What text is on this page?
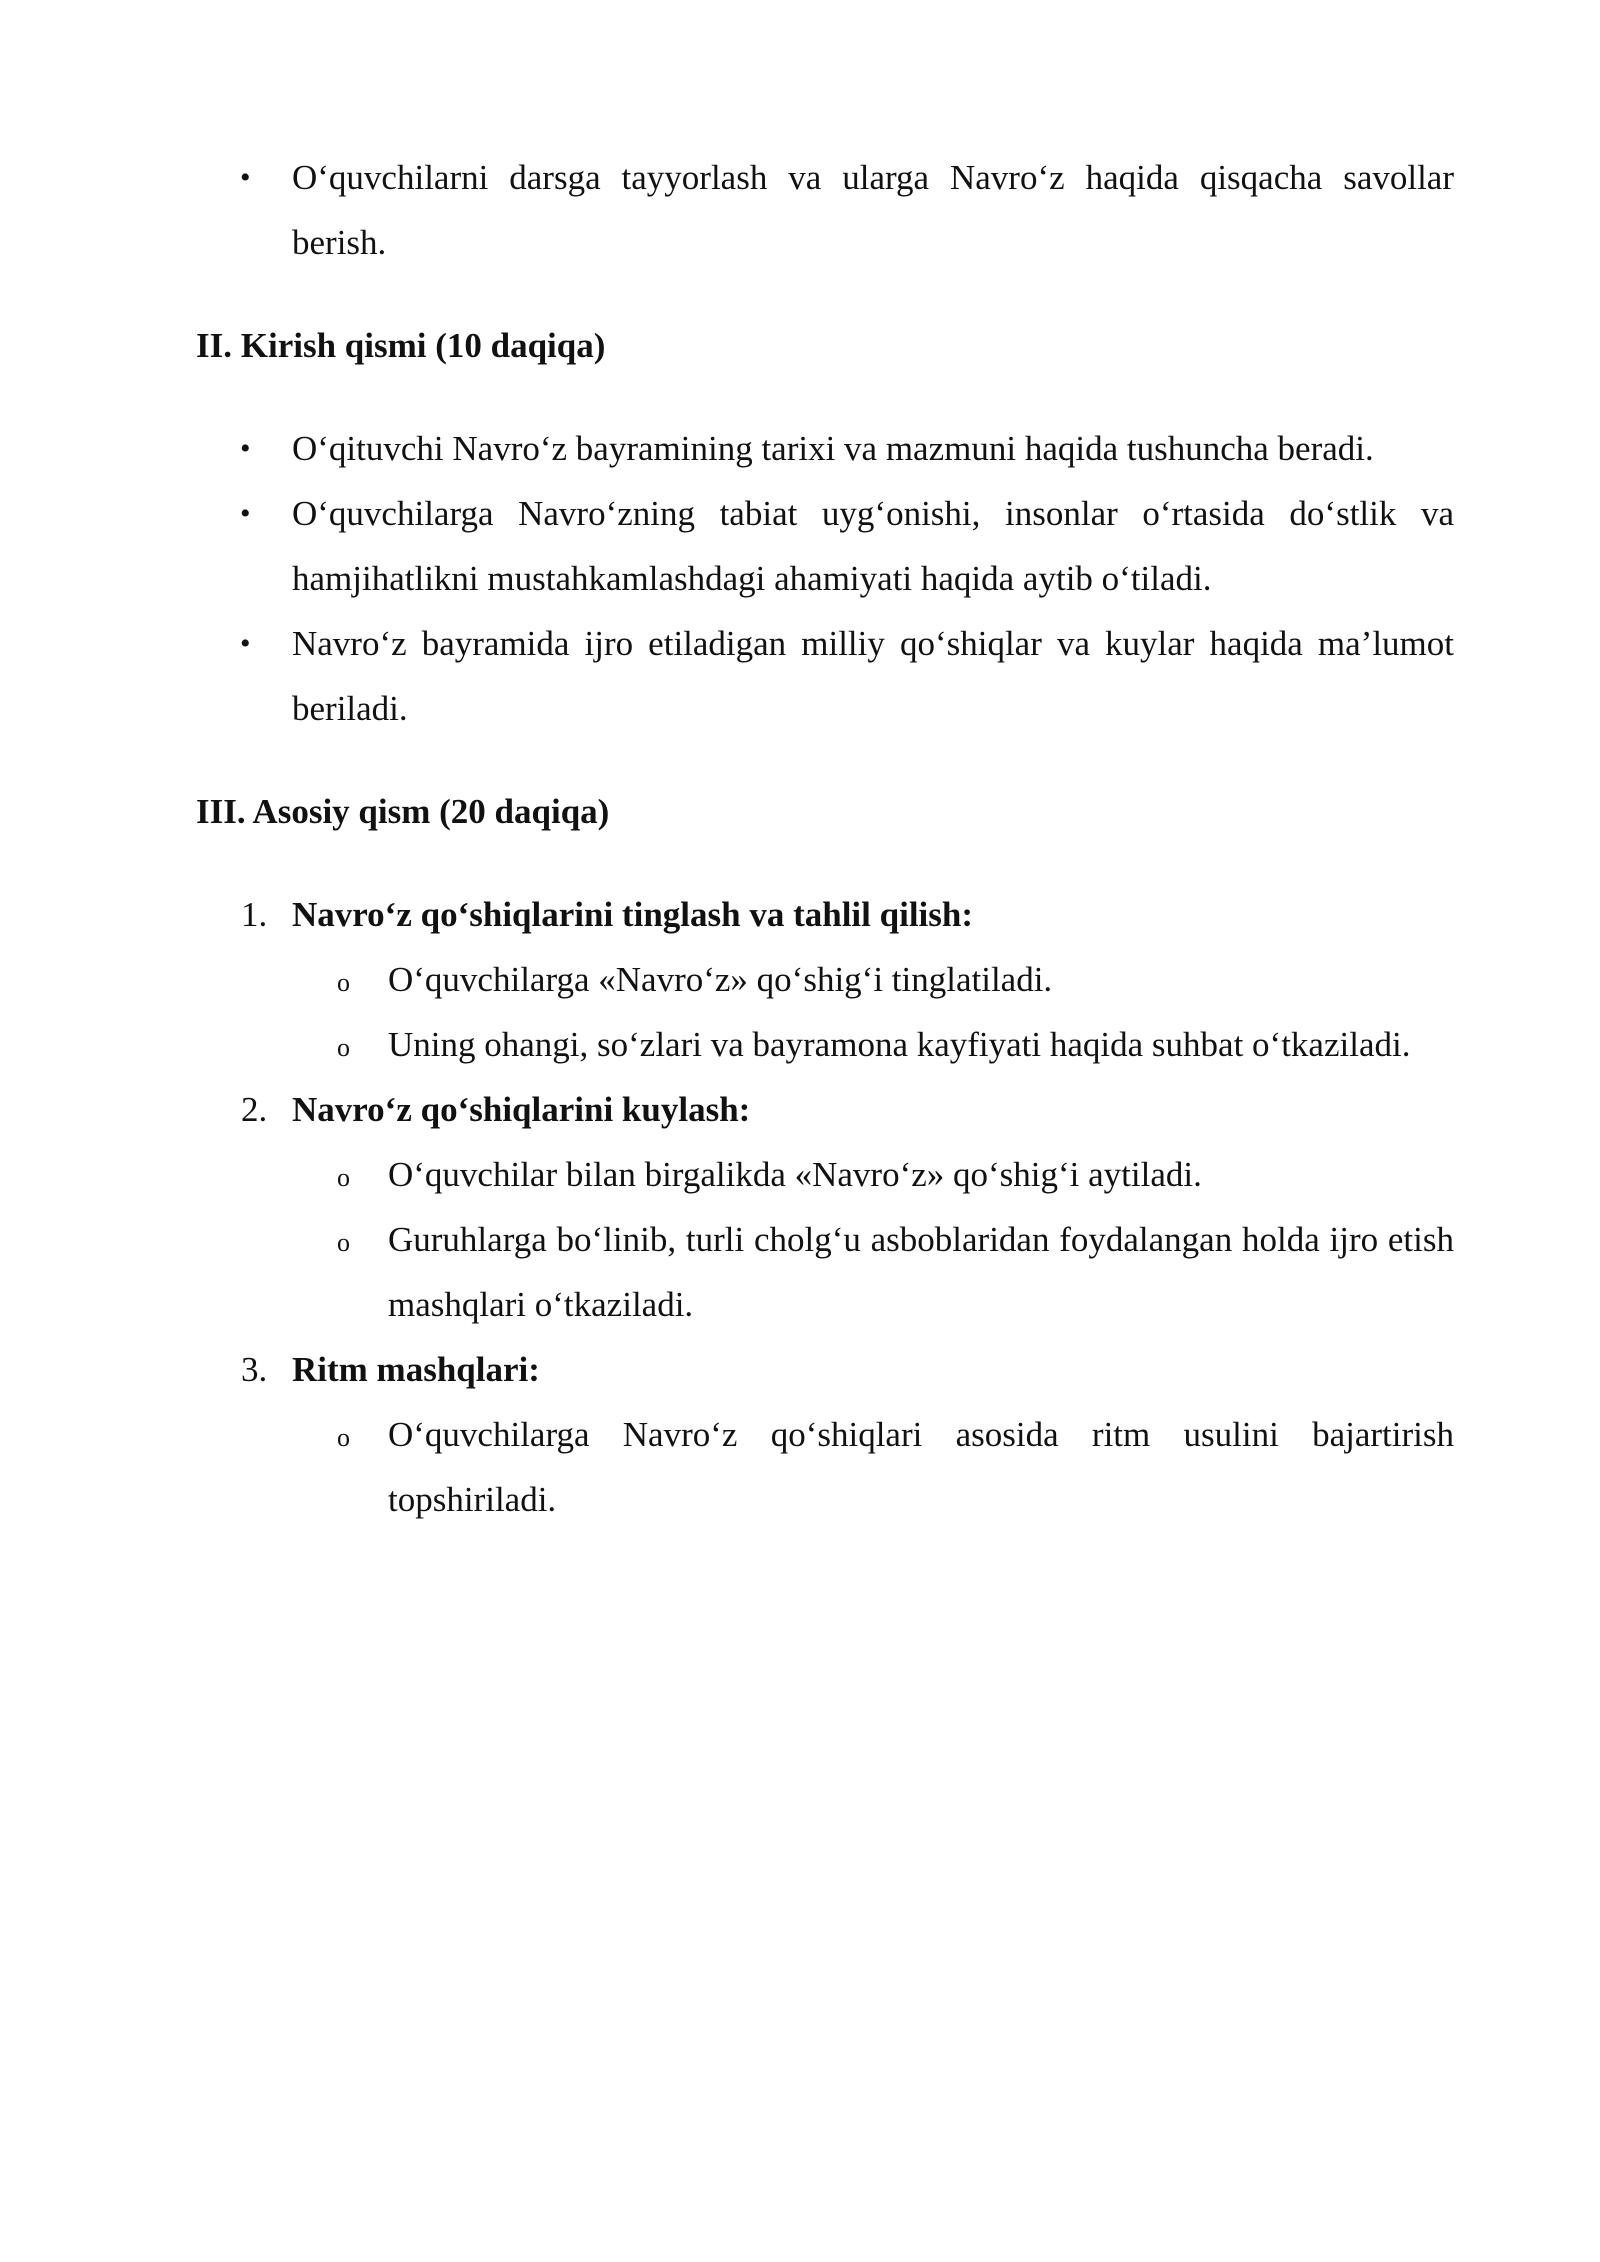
• O‘quvchilarni darsga tayyorlash va ularga Navro‘z haqida qisqacha savollar berish.
II. Kirish qismi (10 daqiqa)
• O‘qituvchi Navro‘z bayramining tarixi va mazmuni haqida tushuncha beradi.
• O‘quvchilarga Navro‘zning tabiat uyg‘onishi, insonlar o‘rtasida do‘stlik va hamjihatlikni mustahkamlashdagi ahamiyati haqida aytib o‘tiladi.
• Navro‘z bayramida ijro etiladigan milliy qo‘shiqlar va kuylar haqida ma’lumot beriladi.
III. Asosiy qism (20 daqiqa)
1. Navro‘z qo‘shiqlarini tinglash va tahlil qilish:
o O‘quvchilarga «Navro‘z» qo‘shig‘i tinglatiladi.
o Uning ohangi, so‘zlari va bayramona kayfiyati haqida suhbat o‘tkaziladi.
2. Navro‘z qo‘shiqlarini kuylash:
o O‘quvchilar bilan birgalikda «Navro‘z» qo‘shig‘i aytiladi.
o Guruhlarga bo‘linib, turli cholg‘u asboblaridan foydalangan holda ijro etish mashqlari o‘tkaziladi.
3. Ritm mashqlari:
o O‘quvchilarga Navro‘z qo‘shiqlari asosida ritm usulini bajartirish topshiriladi.
